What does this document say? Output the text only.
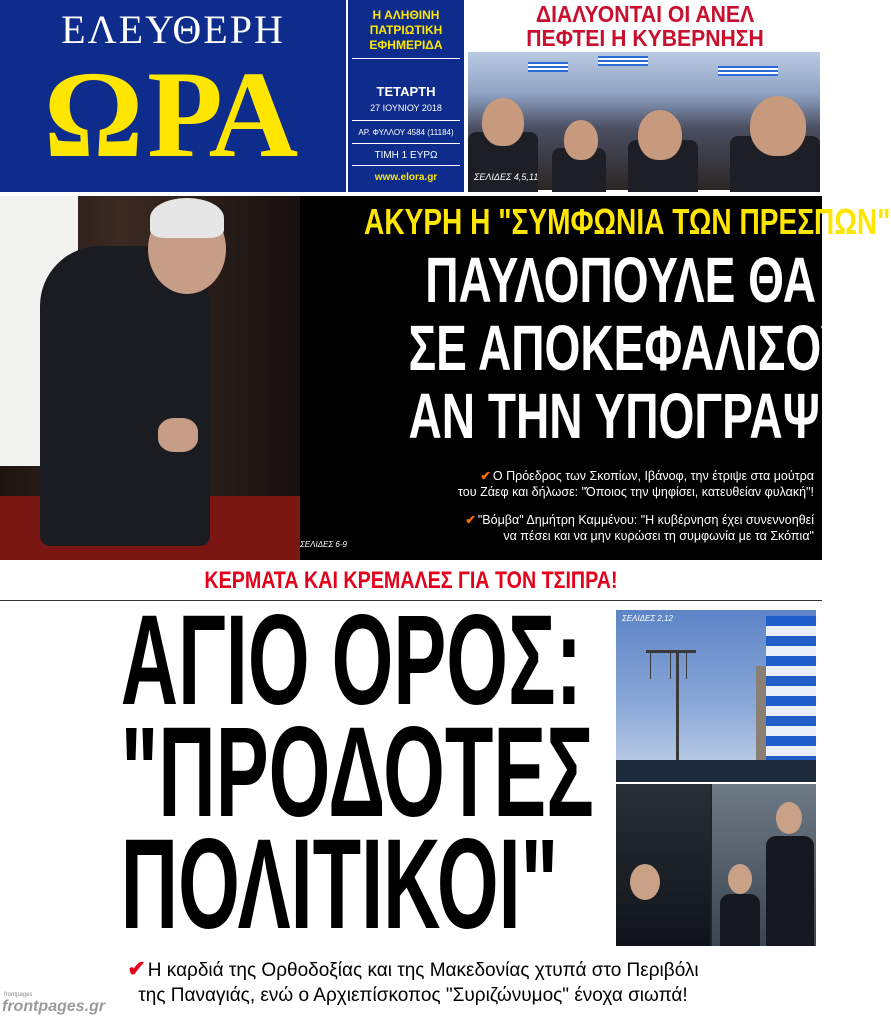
ΕΛΕΥΘΕΡΗ
ΩΡΑ
Η ΑΛΗΘΙΝΗ
ΠΑΤΡΙΩΤΙΚΗ
ΕΦΗΜΕΡΙΔΑ
ΤΕΤΑΡΤΗ
27 ΙΟΥΝΙΟΥ 2018
ΑΡ. ΦΥΛΛΟΥ 4584 (11184)
ΤΙΜΗ 1 ΕΥΡΩ
www.elora.gr
ΔΙΑΛΥΟΝΤΑΙ ΟΙ ΑΝΕΛ
ΠΕΦΤΕΙ Η ΚΥΒΕΡΝΗΣΗ
ΣΕΛΙΔΕΣ 4,5,11
ΣΕΛΙΔΕΣ 6-9
ΑΚΥΡΗ Η "ΣΥΜΦΩΝΙΑ ΤΩΝ ΠΡΕΣΠΩΝ"
ΠΑΥΛΟΠΟΥΛΕ ΘΑ
ΣΕ ΑΠΟΚΕΦΑΛΙΣΟΥΝ
ΑΝ ΤΗΝ ΥΠΟΓΡΑΨΕΙΣ
✔ Ο Πρόεδρος των Σκοπίων, Ιβάνοφ, την έτριψε στα μούτρα
του Ζάεφ και δήλωσε: "Όποιος την ψηφίσει, κατευθείαν φυλακή"!
✔ "Βόμβα" Δημήτρη Καμμένου: "Η κυβέρνηση έχει συνεννοηθεί
να πέσει και να μην κυρώσει τη συμφωνία με τα Σκόπια"
ΚΕΡΜΑΤΑ ΚΑΙ ΚΡΕΜΑΛΕΣ ΓΙΑ ΤΟΝ ΤΣΙΠΡΑ!
ΑΓΙΟ ΟΡΟΣ:
"ΠΡΟΔΟΤΕΣ
ΠΟΛΙΤΙΚΟΙ"
ΣΕΛΙΔΕΣ 2,12
✔ Η καρδιά της Ορθοδοξίας και της Μακεδονίας χτυπά στο Περιβόλι
της Παναγιάς, ενώ ο Αρχιεπίσκοπος "Συριζώνυμος" ένοχα σιωπά!
frontpages
frontpages.gr
